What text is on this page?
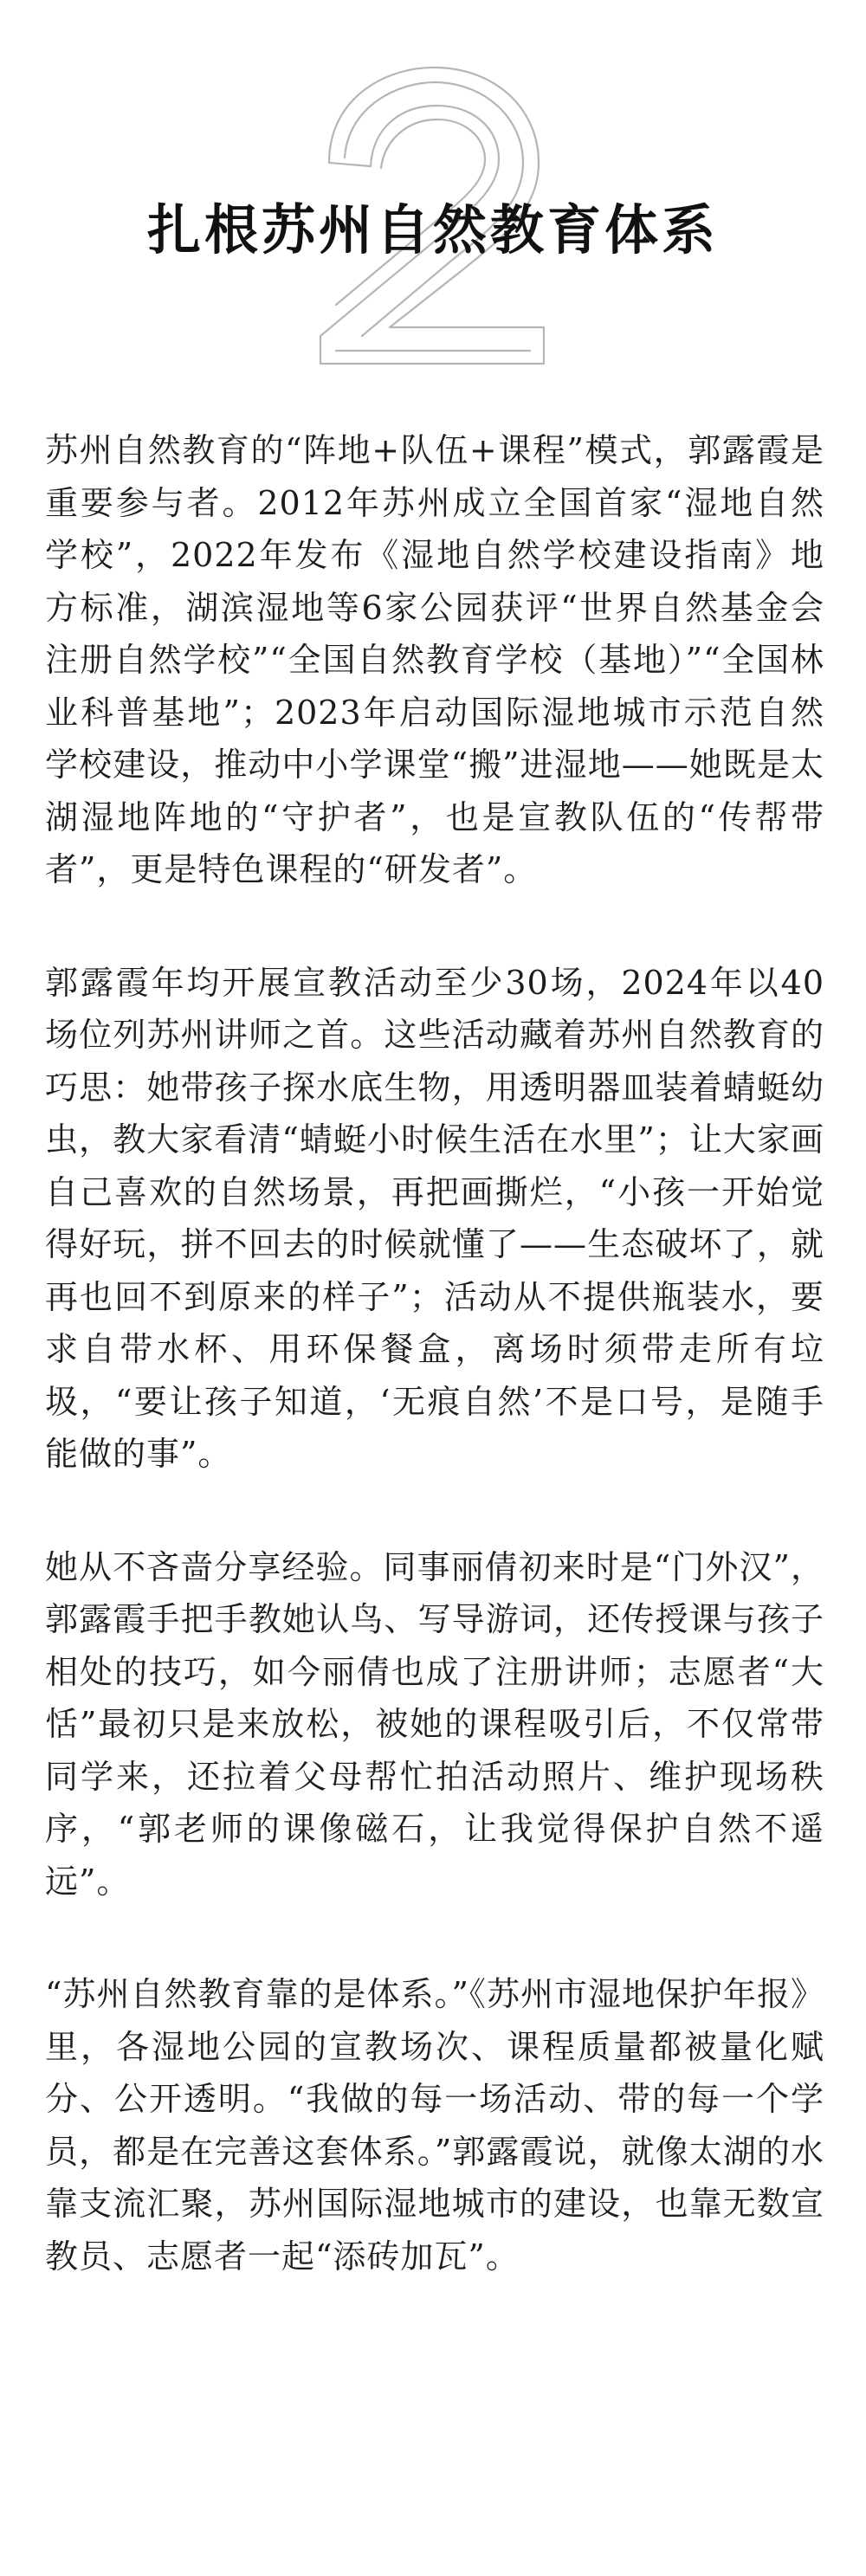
扎根苏州自然教育体系

苏州自然教育的“阵地+队伍+课程”模式，郭露霞是重要参与者。2012年苏州成立全国首家“湿地自然学校”，2022年发布《湿地自然学校建设指南》地方标准，湖滨湿地等6家公园获评“世界自然基金会注册自然学校”“全国自然教育学校（基地）”“全国林业科普基地”；2023年启动国际湿地城市示范自然学校建设，推动中小学课堂“搬”进湿地——她既是太湖湿地阵地的“守护者”，也是宣教队伍的“传帮带者”，更是特色课程的“研发者”。

郭露霞年均开展宣教活动至少30场，2024年以40场位列苏州讲师之首。这些活动藏着苏州自然教育的巧思：她带孩子探水底生物，用透明器皿装着蜻蜓幼虫，教大家看清“蜻蜓小时候生活在水里”；让大家画自己喜欢的自然场景，再把画撕烂，“小孩一开始觉得好玩，拼不回去的时候就懂了——生态破坏了，就再也回不到原来的样子”；活动从不提供瓶装水，要求自带水杯、用环保餐盒，离场时须带走所有垃圾，“要让孩子知道，‘无痕自然’不是口号，是随手能做的事”。

她从不吝啬分享经验。同事丽倩初来时是“门外汉”，郭露霞手把手教她认鸟、写导游词，还传授课与孩子相处的技巧，如今丽倩也成了注册讲师；志愿者“大恬”最初只是来放松，被她的课程吸引后，不仅常带同学来，还拉着父母帮忙拍活动照片、维护现场秩序，“郭老师的课像磁石，让我觉得保护自然不遥远”。

“苏州自然教育靠的是体系。”《苏州市湿地保护年报》里，各湿地公园的宣教场次、课程质量都被量化赋分、公开透明。“我做的每一场活动、带的每一个学员，都是在完善这套体系。”郭露霞说，就像太湖的水靠支流汇聚，苏州国际湿地城市的建设，也靠无数宣教员、志愿者一起“添砖加瓦”。
